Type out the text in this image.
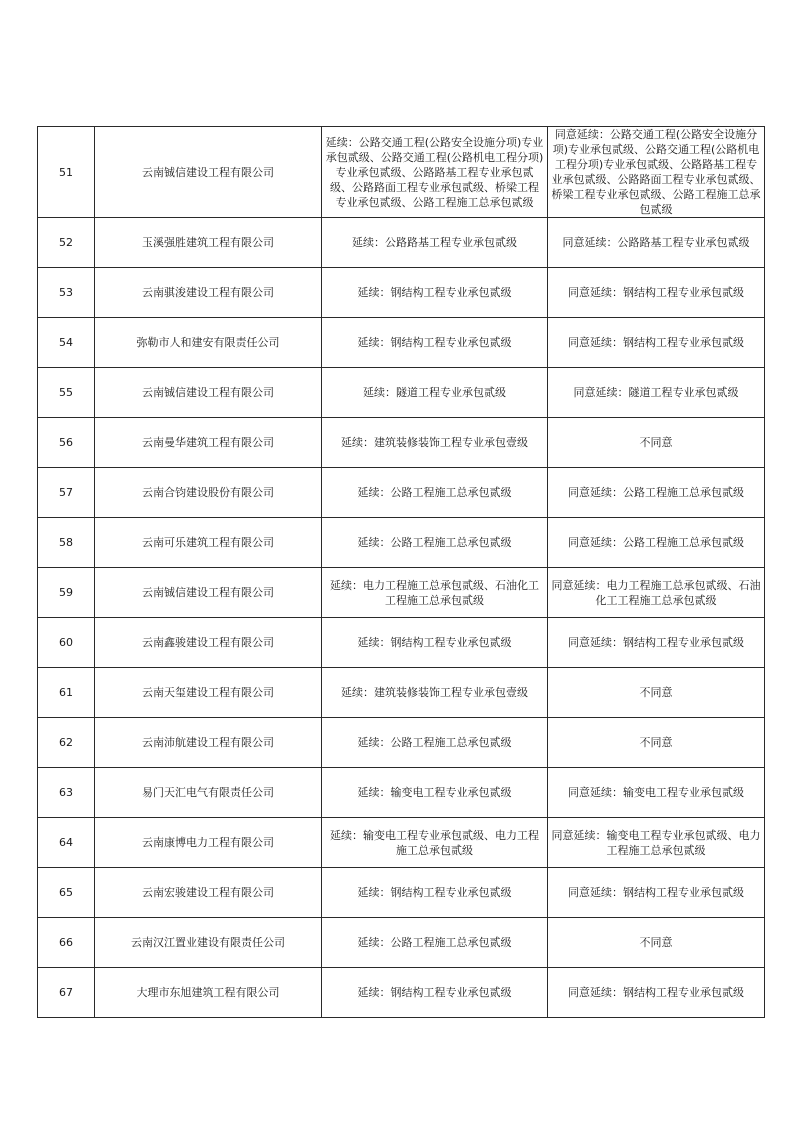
51	云南铖信建设工程有限公司	延续：公路交通工程(公路安全设施分项)专业承包贰级、公路交通工程(公路机电工程分项)专业承包贰级、公路路基工程专业承包贰级、公路路面工程专业承包贰级、桥梁工程专业承包贰级、公路工程施工总承包贰级	同意延续：公路交通工程(公路安全设施分项)专业承包贰级、公路交通工程(公路机电工程分项)专业承包贰级、公路路基工程专业承包贰级、公路路面工程专业承包贰级、桥梁工程专业承包贰级、公路工程施工总承包贰级
52	玉溪强胜建筑工程有限公司	延续：公路路基工程专业承包贰级	同意延续：公路路基工程专业承包贰级
53	云南骐浚建设工程有限公司	延续：钢结构工程专业承包贰级	同意延续：钢结构工程专业承包贰级
54	弥勒市人和建安有限责任公司	延续：钢结构工程专业承包贰级	同意延续：钢结构工程专业承包贰级
55	云南铖信建设工程有限公司	延续：隧道工程专业承包贰级	同意延续：隧道工程专业承包贰级
56	云南曼华建筑工程有限公司	延续：建筑装修装饰工程专业承包壹级	不同意
57	云南合钧建设股份有限公司	延续：公路工程施工总承包贰级	同意延续：公路工程施工总承包贰级
58	云南可乐建筑工程有限公司	延续：公路工程施工总承包贰级	同意延续：公路工程施工总承包贰级
59	云南铖信建设工程有限公司	延续：电力工程施工总承包贰级、石油化工工程施工总承包贰级	同意延续：电力工程施工总承包贰级、石油化工工程施工总承包贰级
60	云南鑫骏建设工程有限公司	延续：钢结构工程专业承包贰级	同意延续：钢结构工程专业承包贰级
61	云南天玺建设工程有限公司	延续：建筑装修装饰工程专业承包壹级	不同意
62	云南沛航建设工程有限公司	延续：公路工程施工总承包贰级	不同意
63	易门天汇电气有限责任公司	延续：输变电工程专业承包贰级	同意延续：输变电工程专业承包贰级
64	云南康博电力工程有限公司	延续：输变电工程专业承包贰级、电力工程施工总承包贰级	同意延续：输变电工程专业承包贰级、电力工程施工总承包贰级
65	云南宏骏建设工程有限公司	延续：钢结构工程专业承包贰级	同意延续：钢结构工程专业承包贰级
66	云南汉江置业建设有限责任公司	延续：公路工程施工总承包贰级	不同意
67	大理市东旭建筑工程有限公司	延续：钢结构工程专业承包贰级	同意延续：钢结构工程专业承包贰级
